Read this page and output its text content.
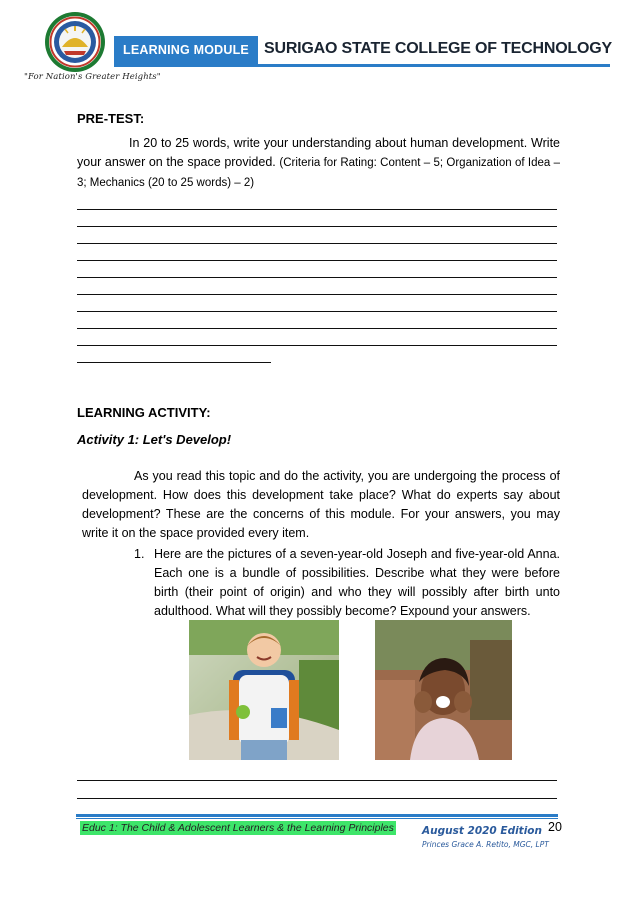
"For Nation's Greater Heights"
LEARNING MODULE SURIGAO STATE COLLEGE OF TECHNOLOGY
PRE-TEST:
In 20 to 25 words, write your understanding about human development. Write your answer on the space provided. (Criteria for Rating: Content – 5; Organization of Idea – 3; Mechanics (20 to 25 words) – 2)
LEARNING ACTIVITY:
Activity 1: Let's Develop!
As you read this topic and do the activity, you are undergoing the process of development. How does this development take place? What do experts say about development? These are the concerns of this module. For your answers, you may write it on the space provided every item.
1. Here are the pictures of a seven-year-old Joseph and five-year-old Anna. Each one is a bundle of possibilities. Describe what they were before birth (their point of origin) and who they will possibly after birth unto adulthood. What will they possibly become? Expound your answers.
Educ 1: The Child & Adolescent Learners & the Learning Principles	August 2020 Edition
Princes Grace A. Retito, MGC, LPT
20
